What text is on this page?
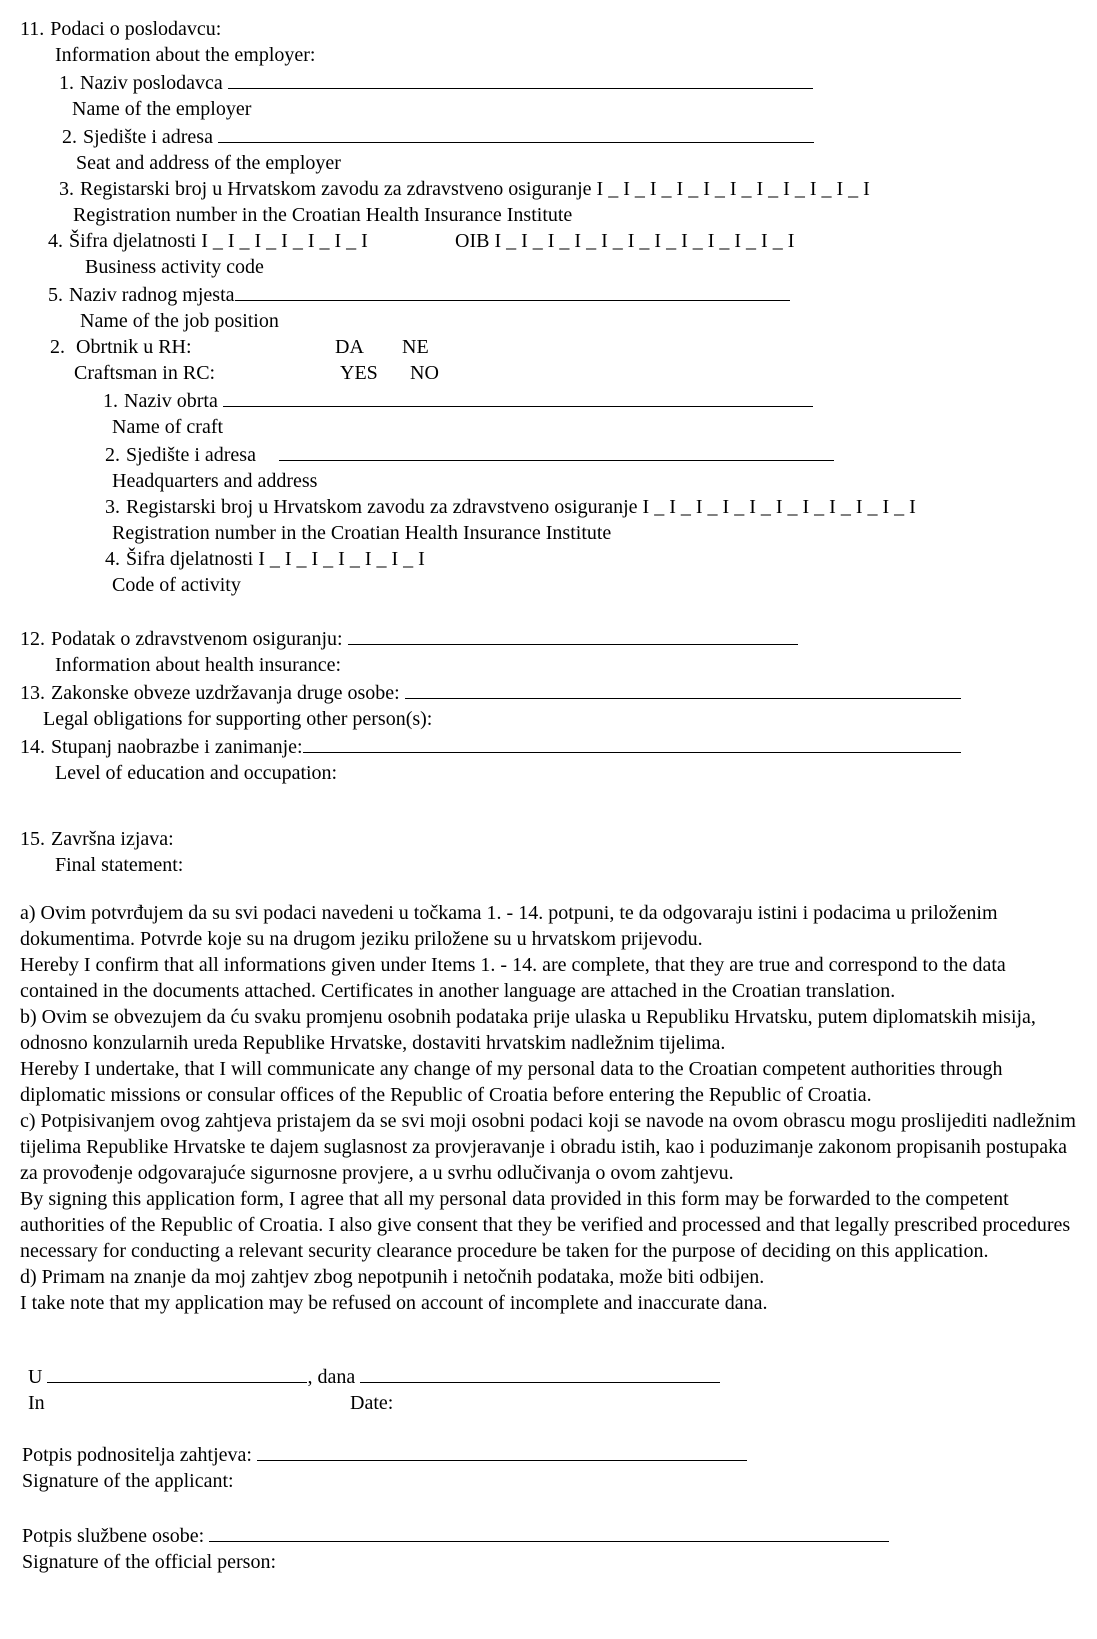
11. Podaci o poslodavcu:
Information about the employer:
1. Naziv poslodavca
Name of the employer
2. Sjedište i adresa
Seat and address of the employer
3. Registarski broj u Hrvatskom zavodu za zdravstveno osiguranje I_I_I_I_I_I_I_I_I_I_I
Registration number in the Croatian Health Insurance Institute
4. Šifra djelatnosti I_I_I_I_I_I_I	OIB I_I_I_I_I_I_I_I_I_I_I_I
Business activity code
5. Naziv radnog mjesta
Name of the job position
2. Obrtnik u RH:	DA NE
Craftsman in RC:	YES NO
1. Naziv obrta
Name of craft
2. Sjedište i adresa
Headquarters and address
3. Registarski broj u Hrvatskom zavodu za zdravstveno osiguranje I_I_I_I_I_I_I_I_I_I_I
Registration number in the Croatian Health Insurance Institute
4. Šifra djelatnosti I_I_I_I_I_I_I
Code of activity
12. Podatak o zdravstvenom osiguranju:
Information about health insurance:
13. Zakonske obveze uzdržavanja druge osobe:
Legal obligations for supporting other person(s):
14. Stupanj naobrazbe i zanimanje:
Level of education and occupation:
15. Završna izjava:
Final statement:
a) Ovim potvrđujem da su svi podaci navedeni u točkama 1. - 14. potpuni, te da odgovaraju istini i podacima u priloženim dokumentima. Potvrde koje su na drugom jeziku priložene su u hrvatskom prijevodu.
Hereby I confirm that all informations given under Items 1. - 14. are complete, that they are true and correspond to the data contained in the documents attached. Certificates in another language are attached in the Croatian translation.
b) Ovim se obvezujem da ću svaku promjenu osobnih podataka prije ulaska u Republiku Hrvatsku, putem diplomatskih misija, odnosno konzularnih ureda Republike Hrvatske, dostaviti hrvatskim nadležnim tijelima.
Hereby I undertake, that I will communicate any change of my personal data to the Croatian competent authorities through diplomatic missions or consular offices of the Republic of Croatia before entering the Republic of Croatia.
c) Potpisivanjem ovog zahtjeva pristajem da se svi moji osobni podaci koji se navode na ovom obrascu mogu proslijediti nadležnim tijelima Republike Hrvatske te dajem suglasnost za provjeravanje i obradu istih, kao i poduzimanje zakonom propisanih postupaka za provođenje odgovarajuće sigurnosne provjere, a u svrhu odlučivanja o ovom zahtjevu.
By signing this application form, I agree that all my personal data provided in this form may be forwarded to the competent authorities of the Republic of Croatia. I also give consent that they be verified and processed and that legally prescribed procedures necessary for conducting a relevant security clearance procedure be taken for the purpose of deciding on this application.
d) Primam na znanje da moj zahtjev zbog nepotpunih i netočnih podataka, može biti odbijen.
I take note that my application may be refused on account of incomplete and inaccurate dana.
U	, dana
In	Date:
Potpis podnositelja zahtjeva:
Signature of the applicant:
Potpis službene osobe:
Signature of the official person:
